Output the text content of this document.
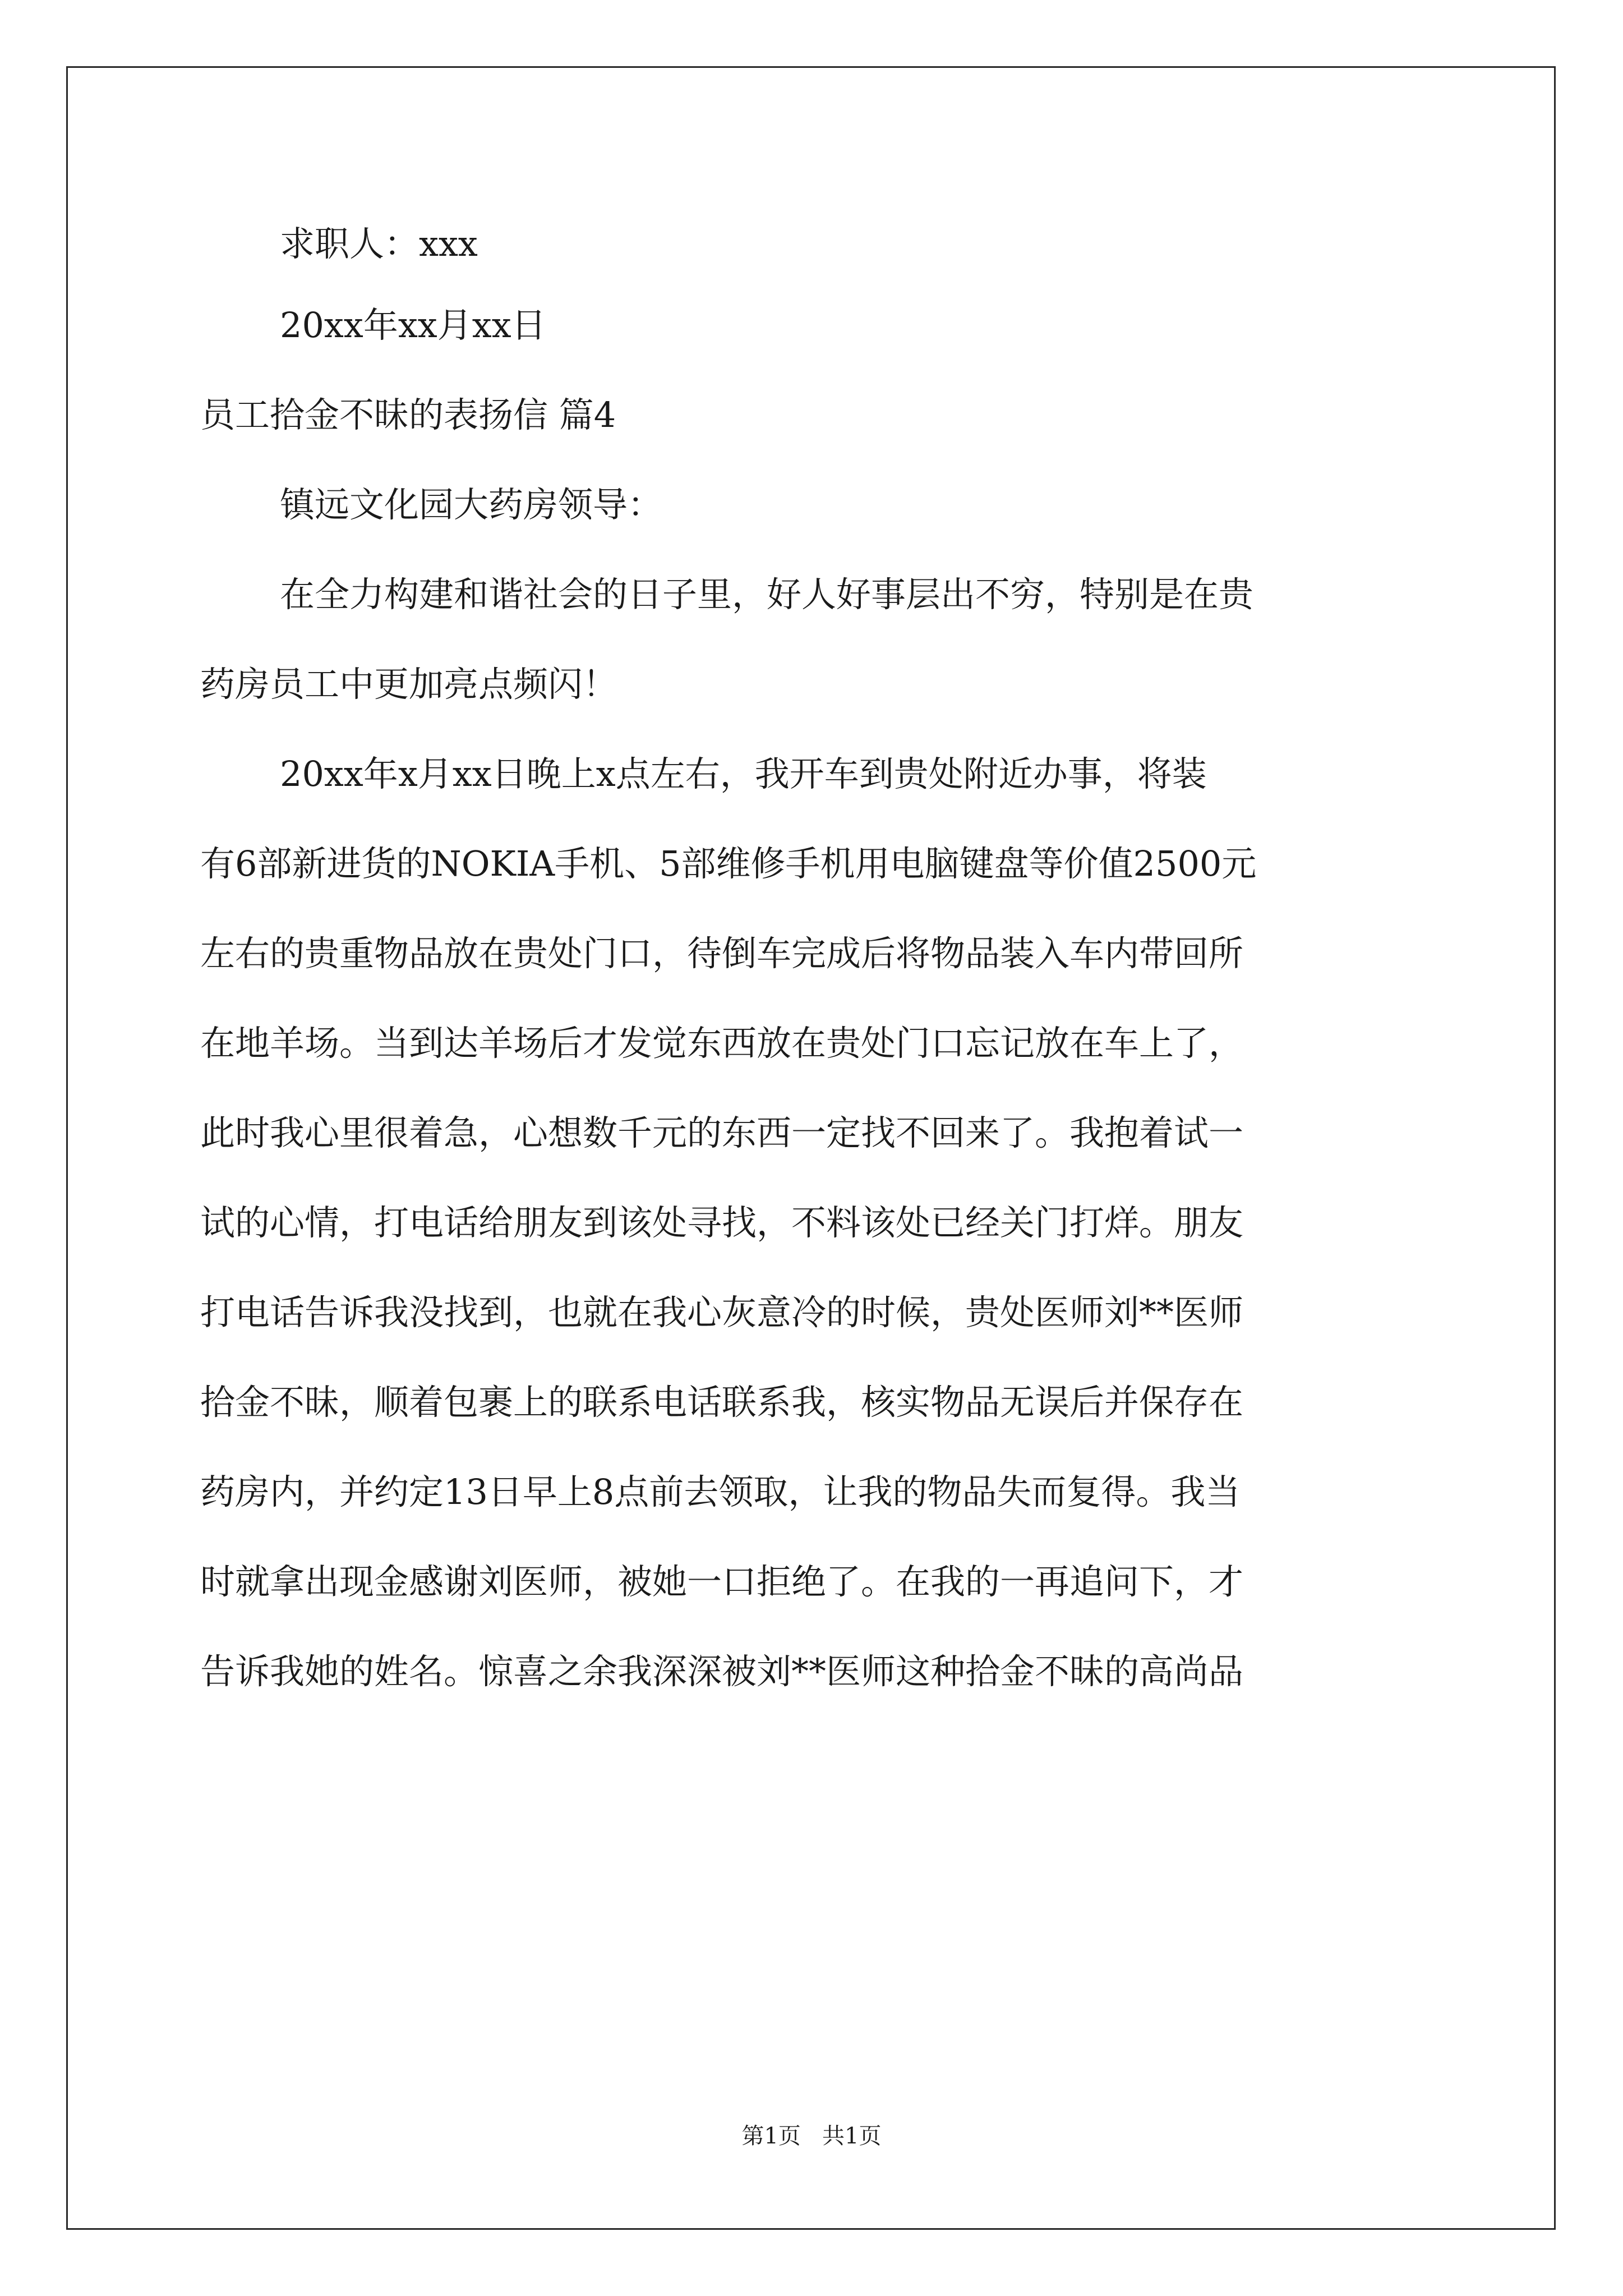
求职人：xxx
20xx年xx月xx日
员工拾金不昧的表扬信 篇4
镇远文化园大药房领导：
在全力构建和谐社会的日子里，好人好事层出不穷，特别是在贵
药房员工中更加亮点频闪！
20xx年x月xx日晚上x点左右，我开车到贵处附近办事，将装
有6部新进货的NOKIA手机、5部维修手机用电脑键盘等价值2500元
左右的贵重物品放在贵处门口，待倒车完成后将物品装入车内带回所
在地羊场。当到达羊场后才发觉东西放在贵处门口忘记放在车上了，
此时我心里很着急，心想数千元的东西一定找不回来了。我抱着试一
试的心情，打电话给朋友到该处寻找，不料该处已经关门打烊。朋友
打电话告诉我没找到，也就在我心灰意冷的时候，贵处医师刘**医师
拾金不昧，顺着包裹上的联系电话联系我，核实物品无误后并保存在
药房内，并约定13日早上8点前去领取，让我的物品失而复得。我当
时就拿出现金感谢刘医师，被她一口拒绝了。在我的一再追问下，才
告诉我她的姓名。惊喜之余我深深被刘**医师这种拾金不昧的高尚品
第1页   共1页
